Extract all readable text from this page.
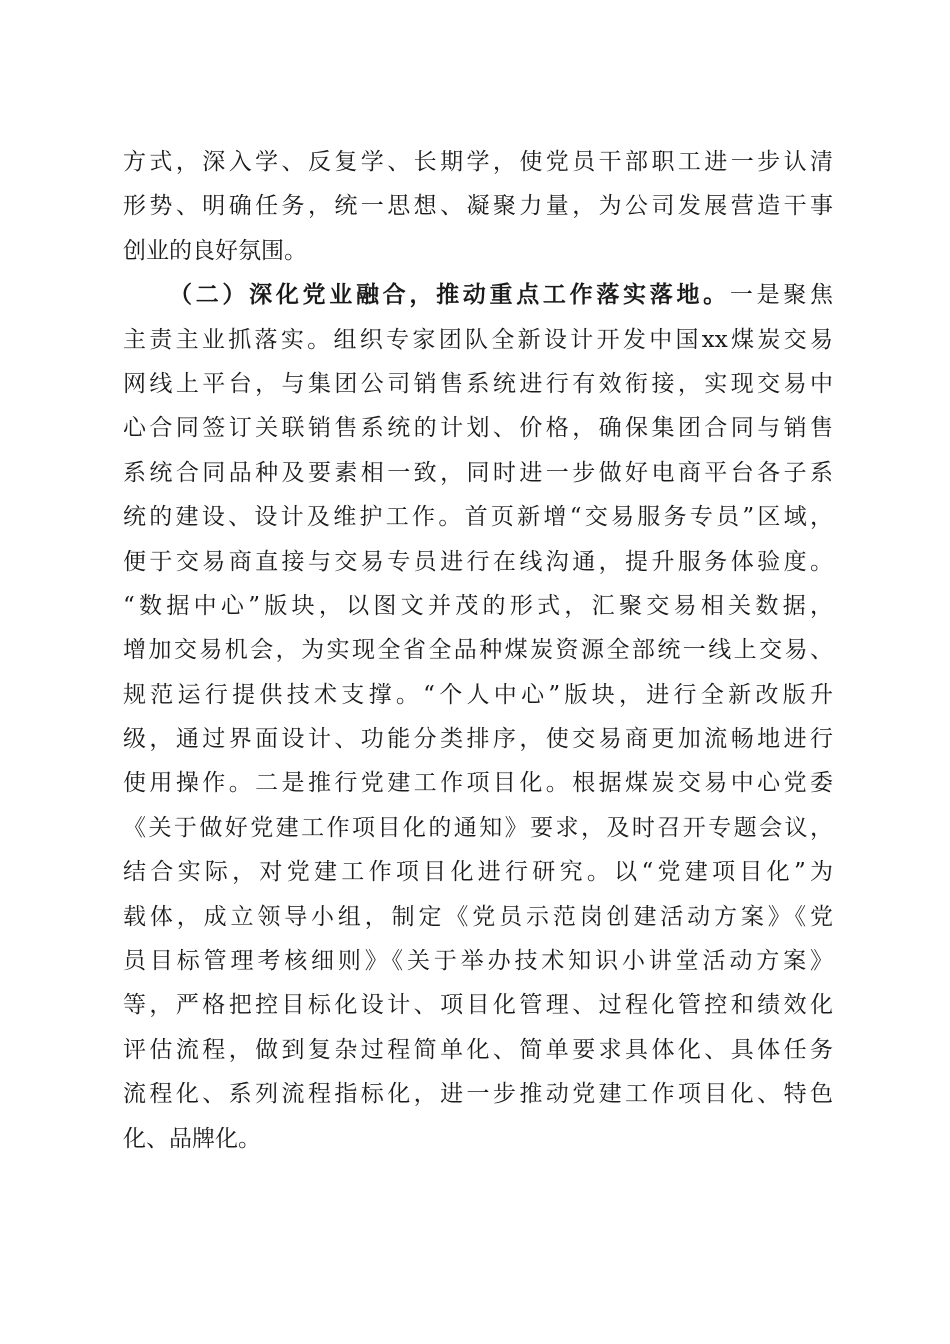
方式，深入学、反复学、长期学，使党员干部职工进一步认清
形势、明确任务，统一思想、凝聚力量，为公司发展营造干事
创业的良好氛围。
（二）深化党业融合，推动重点工作落实落地。一是聚焦
主责主业抓落实。组织专家团队全新设计开发中国xx煤炭交易
网线上平台，与集团公司销售系统进行有效衔接，实现交易中
心合同签订关联销售系统的计划、价格，确保集团合同与销售
系统合同品种及要素相一致，同时进一步做好电商平台各子系
统的建设、设计及维护工作。首页新增“交易服务专员”区域，
便于交易商直接与交易专员进行在线沟通，提升服务体验度。
“数据中心”版块，以图文并茂的形式，汇聚交易相关数据，
增加交易机会，为实现全省全品种煤炭资源全部统一线上交易、
规范运行提供技术支撑。“个人中心”版块，进行全新改版升
级，通过界面设计、功能分类排序，使交易商更加流畅地进行
使用操作。二是推行党建工作项目化。根据煤炭交易中心党委
《关于做好党建工作项目化的通知》要求，及时召开专题会议，
结合实际，对党建工作项目化进行研究。以“党建项目化”为
载体，成立领导小组，制定《党员示范岗创建活动方案》《党
员目标管理考核细则》《关于举办技术知识小讲堂活动方案》
等，严格把控目标化设计、项目化管理、过程化管控和绩效化
评估流程，做到复杂过程简单化、简单要求具体化、具体任务
流程化、系列流程指标化，进一步推动党建工作项目化、特色
化、品牌化。
